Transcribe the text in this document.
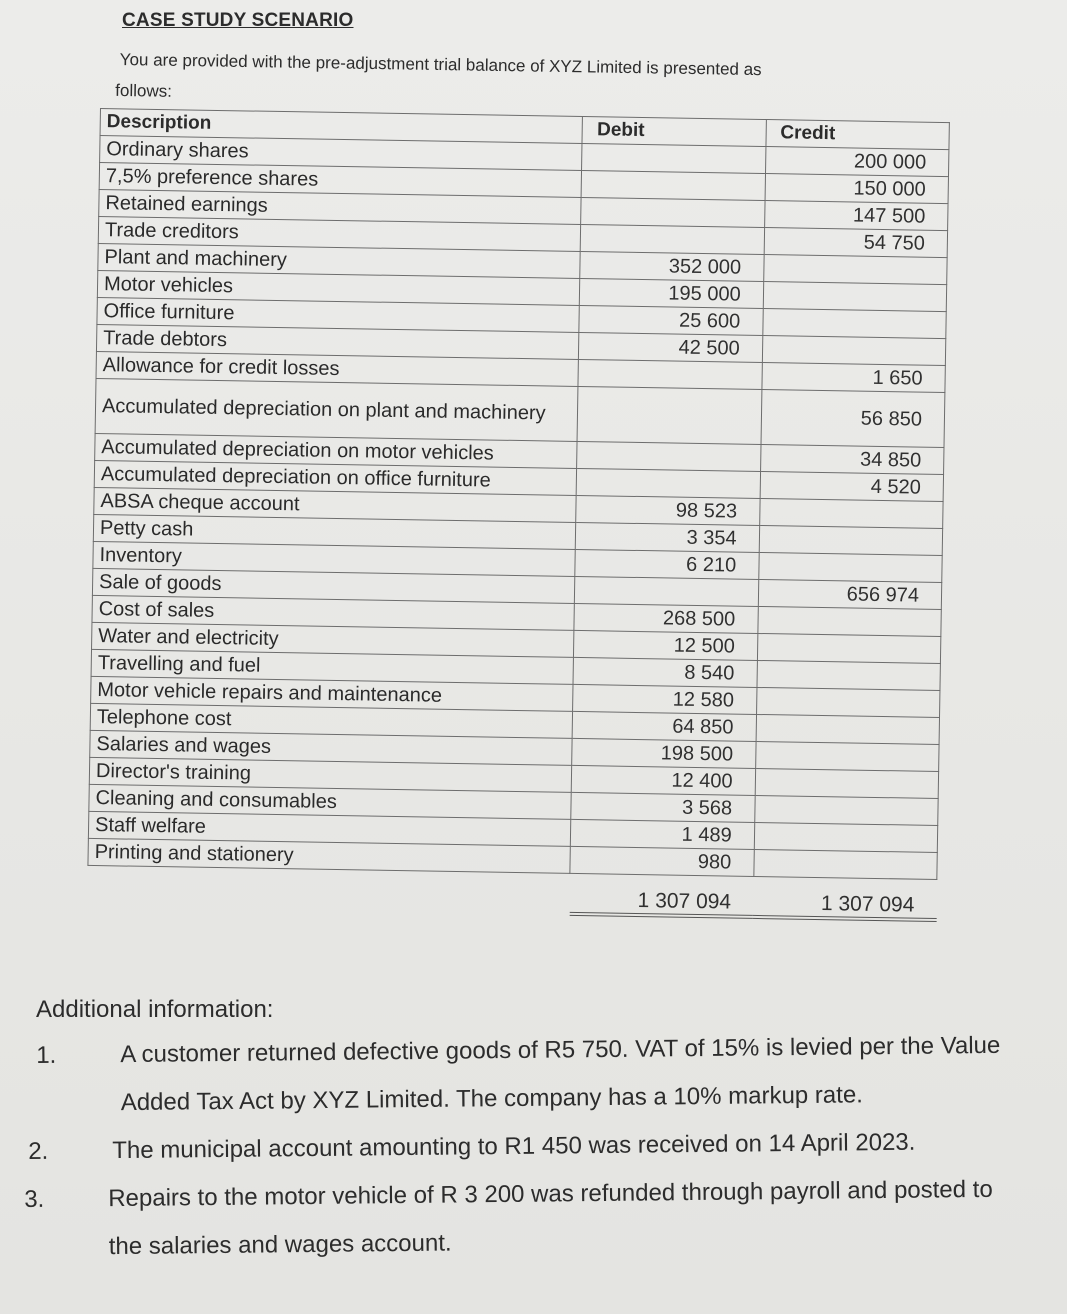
CASE STUDY SCENARIO
You are provided with the pre-adjustment trial balance of XYZ Limited is presented as
follows:
Description	Debit	Credit
Ordinary shares		200 000
7,5% preference shares		150 000
Retained earnings		147 500
Trade creditors		54 750
Plant and machinery	352 000	
Motor vehicles	195 000	
Office furniture	25 600	
Trade debtors	42 500	
Allowance for credit losses		1 650
Accumulated depreciation on plant and machinery		56 850
Accumulated depreciation on motor vehicles		34 850
Accumulated depreciation on office furniture		4 520
ABSA cheque account	98 523	
Petty cash	3 354	
Inventory	6 210	
Sale of goods		656 974
Cost of sales	268 500	
Water and electricity	12 500	
Travelling and fuel	8 540	
Motor vehicle repairs and maintenance	12 580	
Telephone cost	64 850	
Salaries and wages	198 500	
Director's training	12 400	
Cleaning and consumables	3 568	
Staff welfare	1 489	
Printing and stationery	980	
	1 307 094	1 307 094
Additional information:
1.	A customer returned defective goods of R5 750. VAT of 15% is levied per the Value
Added Tax Act by XYZ Limited. The company has a 10% markup rate.
2.	The municipal account amounting to R1 450 was received on 14 April 2023.
3.	Repairs to the motor vehicle of R 3 200 was refunded through payroll and posted to
the salaries and wages account.
